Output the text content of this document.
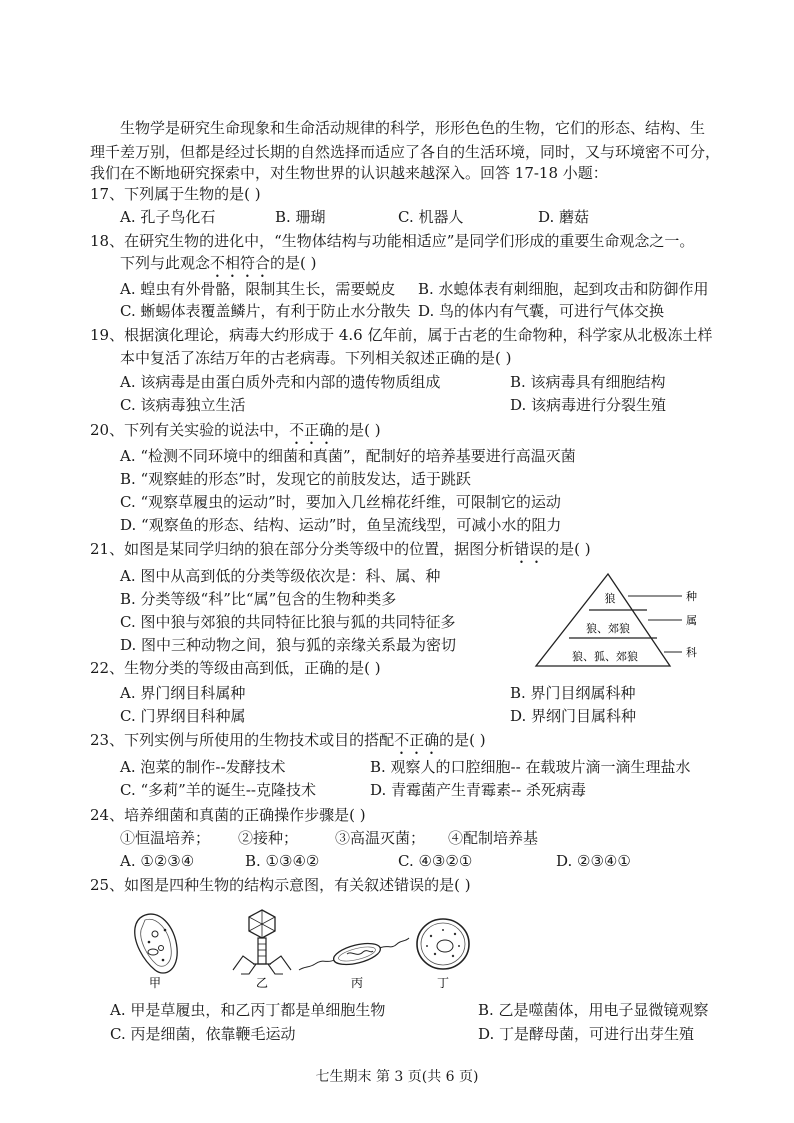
生物学是研究生命现象和生命活动规律的科学，形形色色的生物，它们的形态、结构、生
理千差万别，但都是经过长期的自然选择而适应了各自的生活环境，同时，又与环境密不可分，
我们在不断地研究探索中，对生物世界的认识越来越深入。回答 17-18 小题：
17、下列属于生物的是( )
A. 孔子鸟化石	B. 珊瑚	C. 机器人	D. 蘑菇
18、在研究生物的进化中，“生物体结构与功能相适应”是同学们形成的重要生命观念之一。
下列与此观念不相符合的是( )
A. 蝗虫有外骨骼，限制其生长，需要蜕皮 B. 水螅体表有刺细胞，起到攻击和防御作用
C. 蜥蜴体表覆盖鳞片，有利于防止水分散失 D. 鸟的体内有气囊，可进行气体交换
19、根据演化理论，病毒大约形成于 4.6 亿年前，属于古老的生命物种，科学家从北极冻土样
本中复活了冻结万年的古老病毒。下列相关叙述正确的是( )
A. 该病毒是由蛋白质外壳和内部的遗传物质组成	B. 该病毒具有细胞结构
C. 该病毒独立生活	D. 该病毒进行分裂生殖
20、下列有关实验的说法中，不正确的是( )
A. “检测不同环境中的细菌和真菌”，配制好的培养基要进行高温灭菌
B. “观察蛙的形态”时，发现它的前肢发达，适于跳跃
C. “观察草履虫的运动”时，要加入几丝棉花纤维，可限制它的运动
D. “观察鱼的形态、结构、运动”时，鱼呈流线型，可减小水的阻力
21、如图是某同学归纳的狼在部分分类等级中的位置，据图分析错误的是( )
A. 图中从高到低的分类等级依次是：科、属、种
B. 分类等级“科”比“属”包含的生物种类多
C. 图中狼与郊狼的共同特征比狼与狐的共同特征多
D. 图中三种动物之间，狼与狐的亲缘关系最为密切
狼
狼、郊狼
狼、狐、郊狼
种
属
科
22、生物分类的等级由高到低，正确的是( )
A. 界门纲目科属种	B. 界门目纲属科种
C. 门界纲目科种属	D. 界纲门目属科种
23、下列实例与所使用的生物技术或目的搭配不正确的是( )
A. 泡菜的制作--发酵技术	B. 观察人的口腔细胞-- 在载玻片滴一滴生理盐水
C. “多莉”羊的诞生--克隆技术	D. 青霉菌产生青霉素-- 杀死病毒
24、培养细菌和真菌的正确操作步骤是( )
①恒温培养； ②接种； ③高温灭菌； ④配制培养基
A. ①②③④	B. ①③④②	C. ④③②①	D. ②③④①
25、如图是四种生物的结构示意图，有关叙述错误的是( )
甲	乙	丙	丁
A. 甲是草履虫，和乙丙丁都是单细胞生物	B. 乙是噬菌体，用电子显微镜观察
C. 丙是细菌，依靠鞭毛运动	D. 丁是酵母菌，可进行出芽生殖
七生期末 第 3 页(共 6 页)
